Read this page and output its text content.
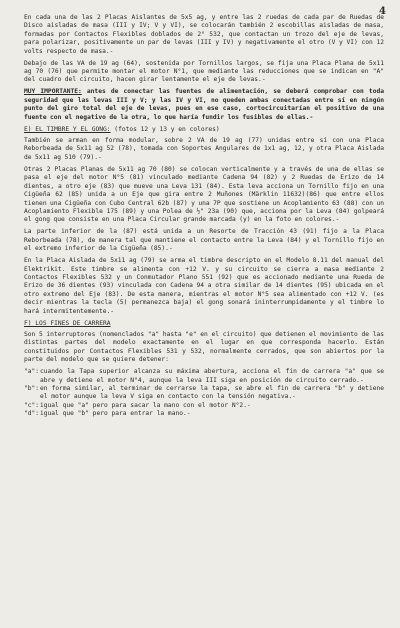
4

En cada una de las 2 Placas Aislantes de 5x5 ag, y entre las 2 ruedas de cada par de Ruedas de Disco aisladas de masa (III y IV; V y VI), se colocarán también 2 escobillas aisladas de masa, formadas por Contactos Flexibles doblados de 2° 532, que contactan un trozo del eje de levas, para polarizar, positivamente un par de levas (III y IV) y negativamente el otro (V y VI) con 12 volts respecto de masa.-

Debajo de las VA de 19 ag (64), sostenida por Tornillos largos, se fija una Placa Plana de 5x11 ag 70 (76) que permite montar el motor N°1, que mediante las reducciones que se indican en "A" del cuadro del circuito, hacen girar lentamente el eje de levas.-

MUY IMPORTANTE: antes de conectar las fuentes de alimentación, se deberá comprobar con toda seguridad que las levas III y V; y las IV y VI, no queden ambas conectadas entre sí en ningún punto del giro total del eje de levas, pues en ese caso, cortocircuitarían el positivo de una fuente con el negativo de la otra, lo que haría fundir los fusibles de ellas.-

E) EL TIMBRE Y EL GONG: (fotos 12 y 13 y en colores)

También se arman en forma modular, sobre 2 VA de 19 ag (77) unidas entre sí con una Placa Reborbeada de 5x11 ag 52 (78), tomada con Soportes Angulares de 1x1 ag, 12, y otra Placa Aislada de 5x11 ag 510 (79).-

Otras 2 Placas Planas de 5x11 ag 70 (80) se colocan verticalmente y a través de una de ellas se pasa el eje del motor N°5 (81) vinculado mediante Cadena 94 (82) y 2 Ruedas de Erizo de 14 dientes, a otro eje (83) que mueve una Leva 131 (84). Esta leva acciona un Tornillo fijo en una Cigüeña 62 (85) unida a un Eje que gira entre 2 Muñones (Märklin 11632)(86) que entre ellos tienen una Cigüeña con Cubo Central 62b (87) y una 7P que sostiene un Acoplamiento 63 (88) con un Acoplamiento Flexible 175 (89) y una Polea de ½" 23a (90) que, acciona por la Leva (84) golpeará el gong que consiste en una Placa Circular grande marcada (y) en la foto en colores.-

La parte inferior de la (87) está unida a un Resorte de Tracción 43 (91) fijo a la Placa Reborbeada (78), de manera tal que mantiene el contacto entre la Leva (84) y el Tornillo fijo en el extremo inferior de la Cigüeña (85).-

En la Placa Aislada de 5x11 ag (79) se arma el timbre descripto en el Modelo 8.11 del manual del Elektrikit. Este timbre se alimenta con +12 V. y su circuito se cierra a masa mediante 2 Contactos Flexibles 532 y un Conmutador Plano 551 (92) que es accionado mediante una Rueda de Erizo de 36 dientes (93) vinculada con Cadena 94 a otra similar de 14 dientes (95) ubicada en el otro extremo del Eje (83). De esta manera, mientras el motor N°5 sea alimentado con +12 V. (es decir mientras la tecla (5) permanezca baja) el gong sonará ininterrumpidamente y el timbre lo hará intermitentemente.-

F) LOS FINES DE CARRERA

Son 5 interruptores (nomenclados "a" hasta "e" en el circuito) que detienen el movimiento de las distintas partes del modelo exactamente en el lugar en que corresponda hacerlo. Están constituidos por Contactos Flexibles 531 y 532, normalmente cerrados, que son abiertos por la parte del modelo que se quiere detener:

"a": cuando la Tapa superior alcanza su máxima abertura, acciona el fin de carrera "a" que se abre y detiene el motor N°4, aunque la leva III siga en posición de circuito cerrado.-
"b": en forma similar, al terminar de cerrarse la tapa, se abre el fin de carrera "b" y detiene el motor aunque la leva V siga en contacto con la tensión negativa.-
"c": igual que "a" pero para sacar la mano con el motor N°2.-
"d": igual que "b" pero para entrar la mano.-
